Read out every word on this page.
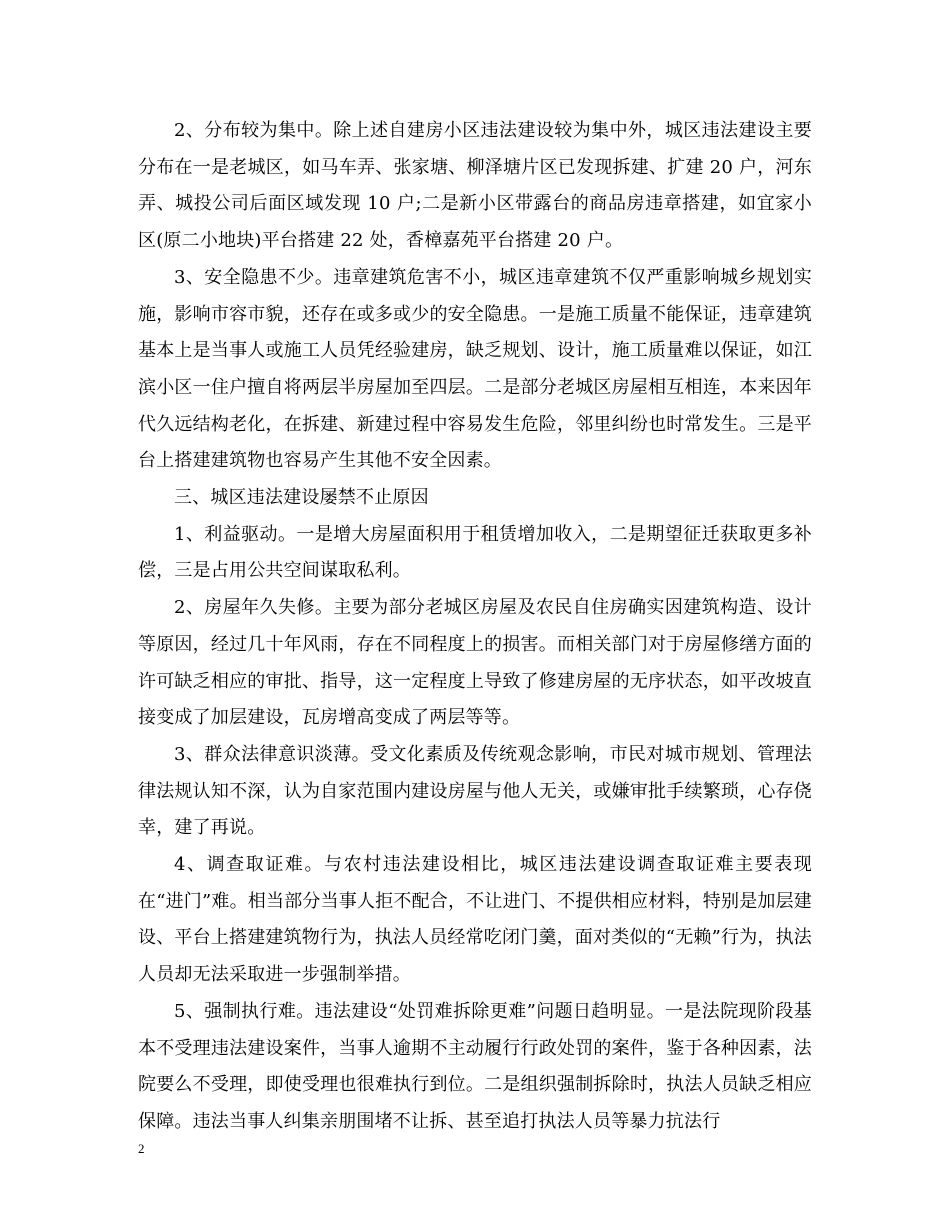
2、分布较为集中。除上述自建房小区违法建设较为集中外，城区违法建设主要分布在一是老城区，如马车弄、张家塘、柳泽塘片区已发现拆建、扩建 20 户，河东弄、城投公司后面区域发现 10 户;二是新小区带露台的商品房违章搭建，如宜家小区(原二小地块)平台搭建 22 处，香樟嘉苑平台搭建 20 户。

3、安全隐患不少。违章建筑危害不小，城区违章建筑不仅严重影响城乡规划实施，影响市容市貌，还存在或多或少的安全隐患。一是施工质量不能保证，违章建筑基本上是当事人或施工人员凭经验建房，缺乏规划、设计，施工质量难以保证，如江滨小区一住户擅自将两层半房屋加至四层。二是部分老城区房屋相互相连，本来因年代久远结构老化，在拆建、新建过程中容易发生危险，邻里纠纷也时常发生。三是平台上搭建建筑物也容易产生其他不安全因素。

三、城区违法建设屡禁不止原因

1、利益驱动。一是增大房屋面积用于租赁增加收入，二是期望征迁获取更多补偿，三是占用公共空间谋取私利。

2、房屋年久失修。主要为部分老城区房屋及农民自住房确实因建筑构造、设计等原因，经过几十年风雨，存在不同程度上的损害。而相关部门对于房屋修缮方面的许可缺乏相应的审批、指导，这一定程度上导致了修建房屋的无序状态，如平改坡直接变成了加层建设，瓦房增高变成了两层等等。

3、群众法律意识淡薄。受文化素质及传统观念影响，市民对城市规划、管理法律法规认知不深，认为自家范围内建设房屋与他人无关，或嫌审批手续繁琐，心存侥幸，建了再说。

4、调查取证难。与农村违法建设相比，城区违法建设调查取证难主要表现在“进门”难。相当部分当事人拒不配合，不让进门、不提供相应材料，特别是加层建设、平台上搭建建筑物行为，执法人员经常吃闭门羹，面对类似的“无赖”行为，执法人员却无法采取进一步强制举措。

5、强制执行难。违法建设“处罚难拆除更难”问题日趋明显。一是法院现阶段基本不受理违法建设案件，当事人逾期不主动履行行政处罚的案件，鉴于各种因素，法院要么不受理，即使受理也很难执行到位。二是组织强制拆除时，执法人员缺乏相应保障。违法当事人纠集亲朋围堵不让拆、甚至追打执法人员等暴力抗法行

2
